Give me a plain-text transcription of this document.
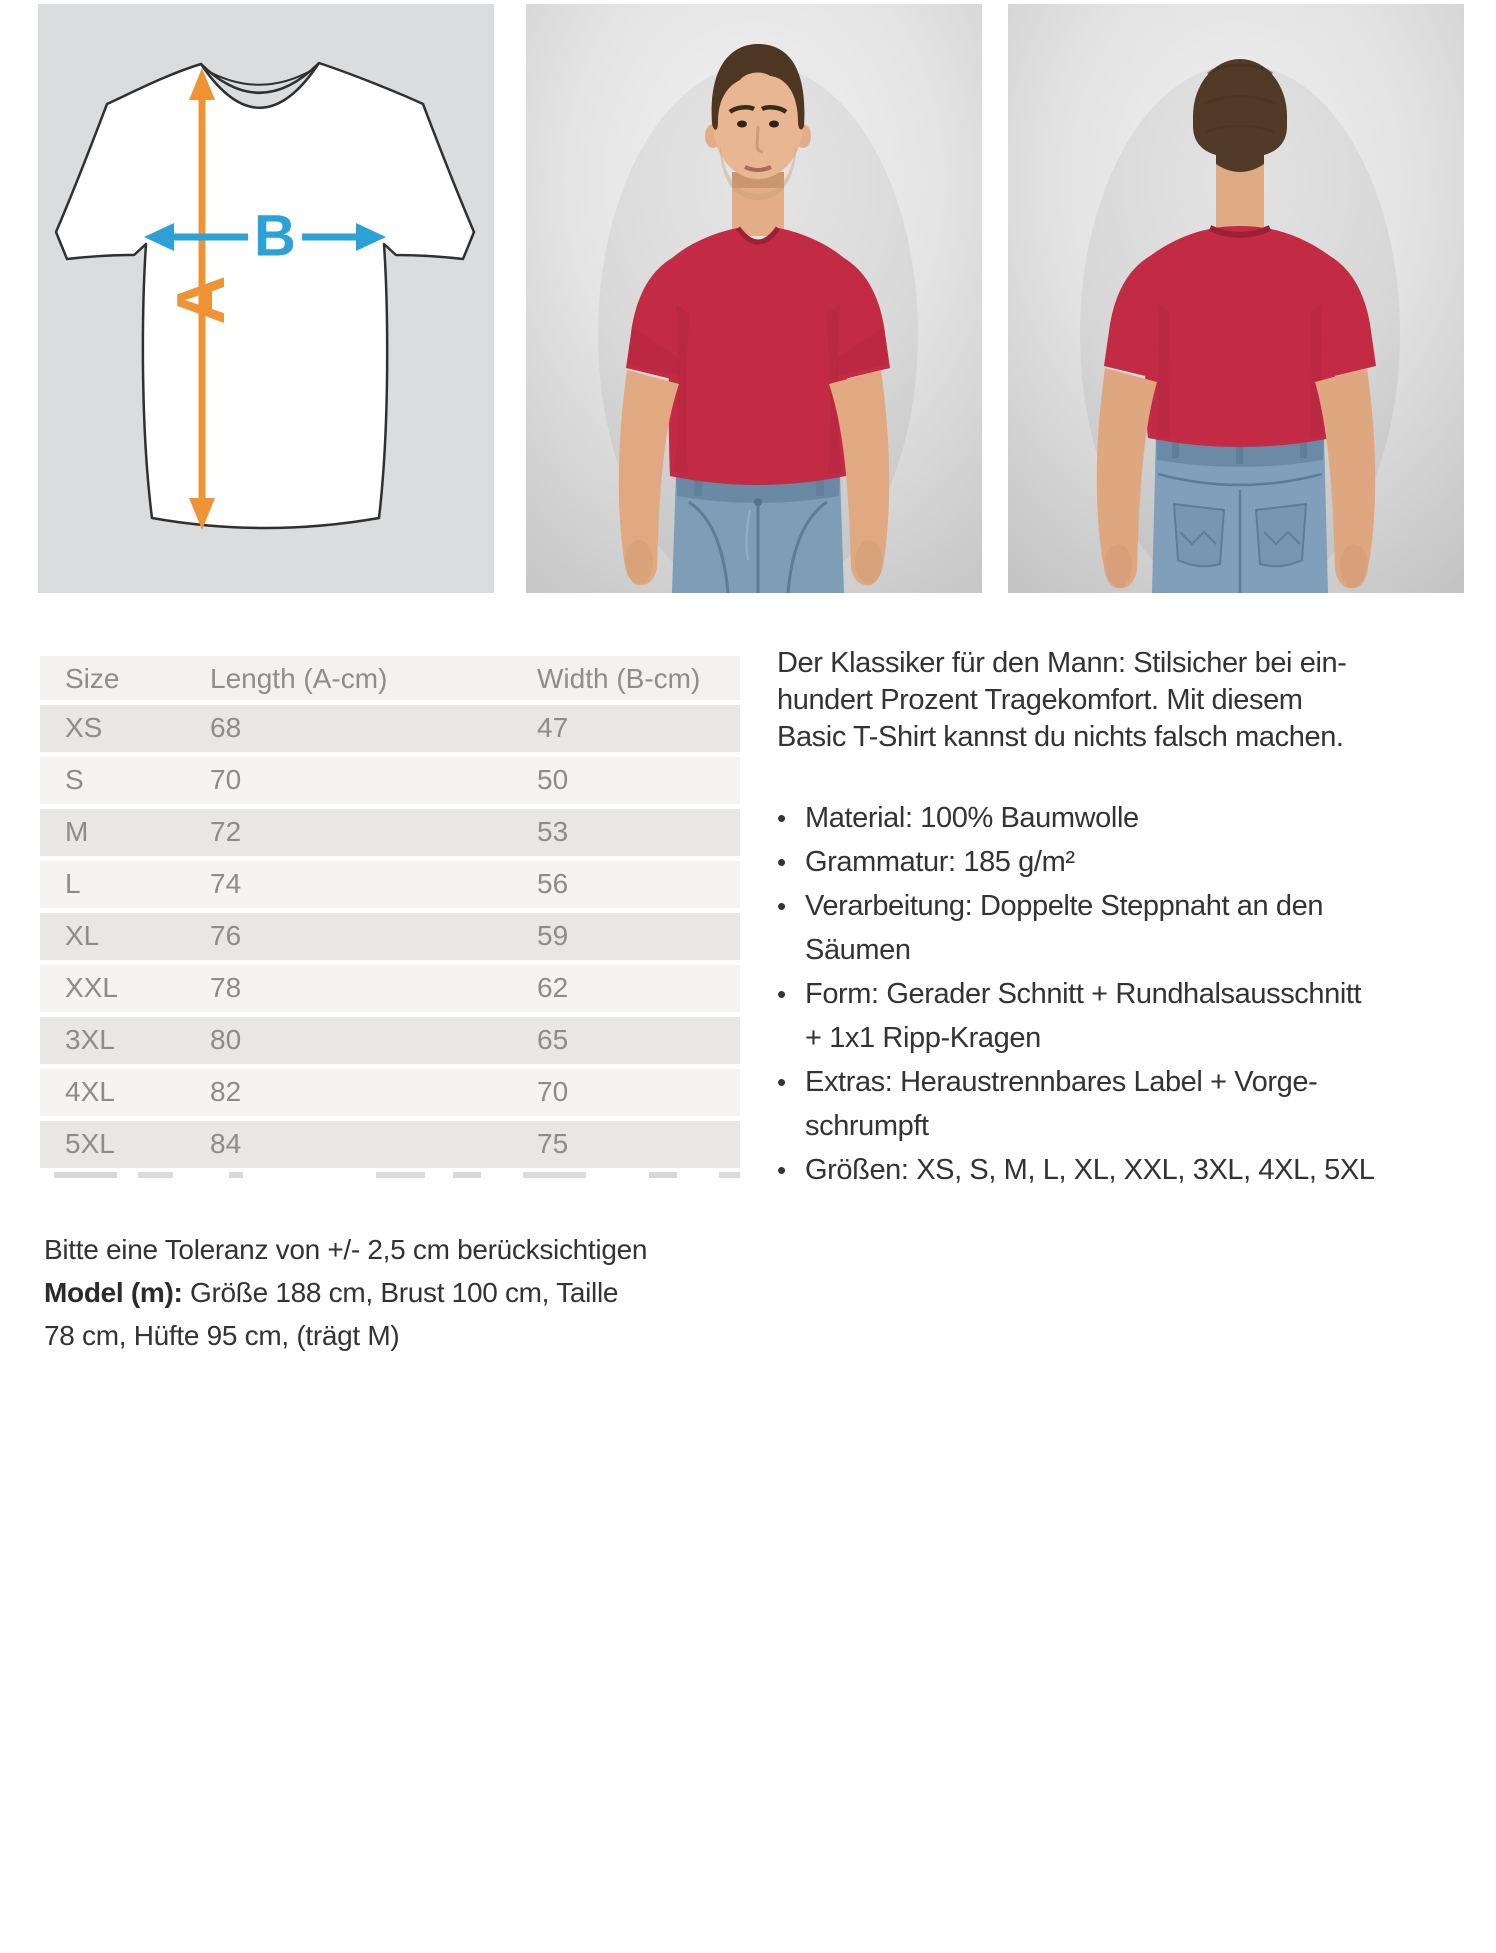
A
B
Size	Length (A-cm)	Width (B-cm)
XS	68	47
S	70	50
M	72	53
L	74	56
XL	76	59
XXL	78	62
3XL	80	65
4XL	82	70
5XL	84	75
Bitte eine Toleranz von +/- 2,5 cm berücksichtigen
Model (m): Größe 188 cm, Brust 100 cm, Taille
78 cm, Hüfte 95 cm, (trägt M)
Der Klassiker für den Mann: Stilsicher bei ein-
hundert Prozent Tragekomfort. Mit diesem
Basic T-Shirt kannst du nichts falsch machen.
• Material: 100% Baumwolle
• Grammatur: 185 g/m²
• Verarbeitung: Doppelte Steppnaht an den
Säumen
• Form: Gerader Schnitt + Rundhalsausschnitt
+ 1x1 Ripp-Kragen
• Extras: Heraustrennbares Label + Vorge-
schrumpft
• Größen: XS, S, M, L, XL, XXL, 3XL, 4XL, 5XL
